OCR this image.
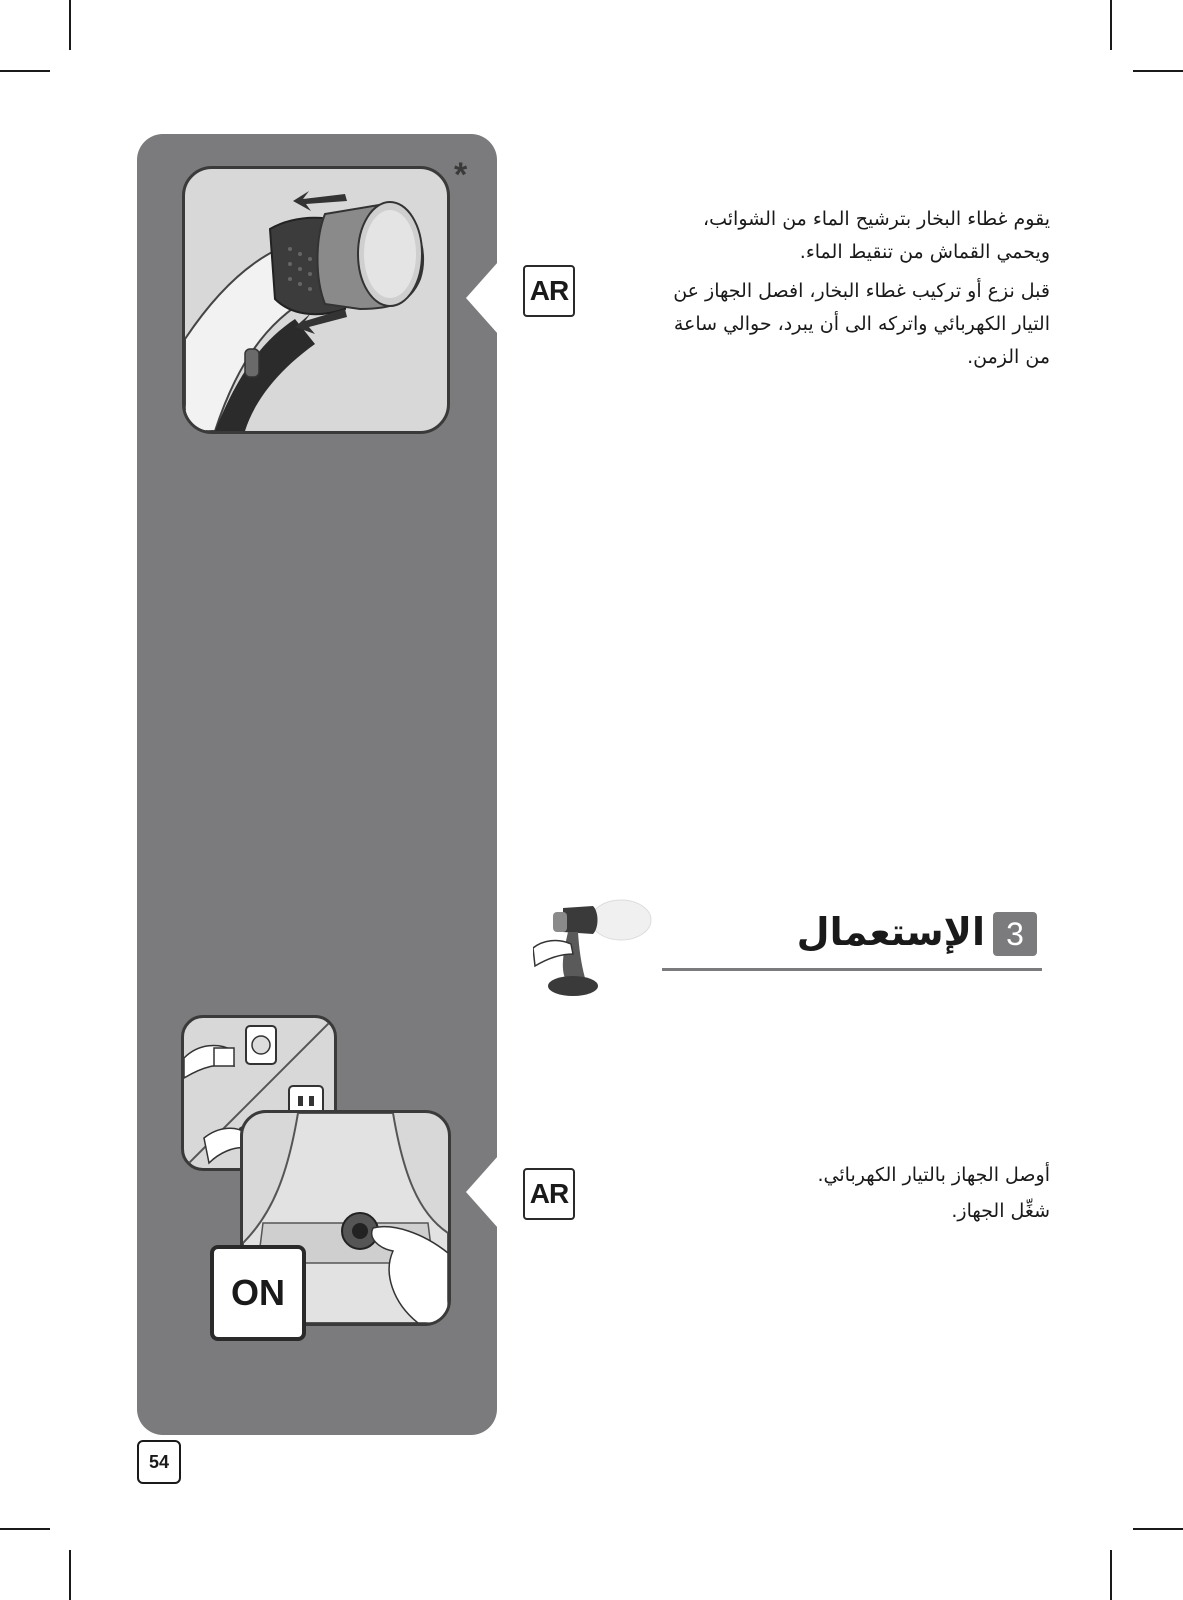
*
AR

يقوم غطاء البخار بترشيح الماء من الشوائب،

ويحمي القماش من تنقيط الماء.

قبل نزع أو تركيب غطاء البخار، افصل الجهاز عن

التيار الكهربائي واتركه الى أن يبرد، حوالي ساعة

من الزمن.

3
الإستعمال
ON
AR

أوصل الجهاز بالتيار الكهربائي.

شغِّل الجهاز.

54
